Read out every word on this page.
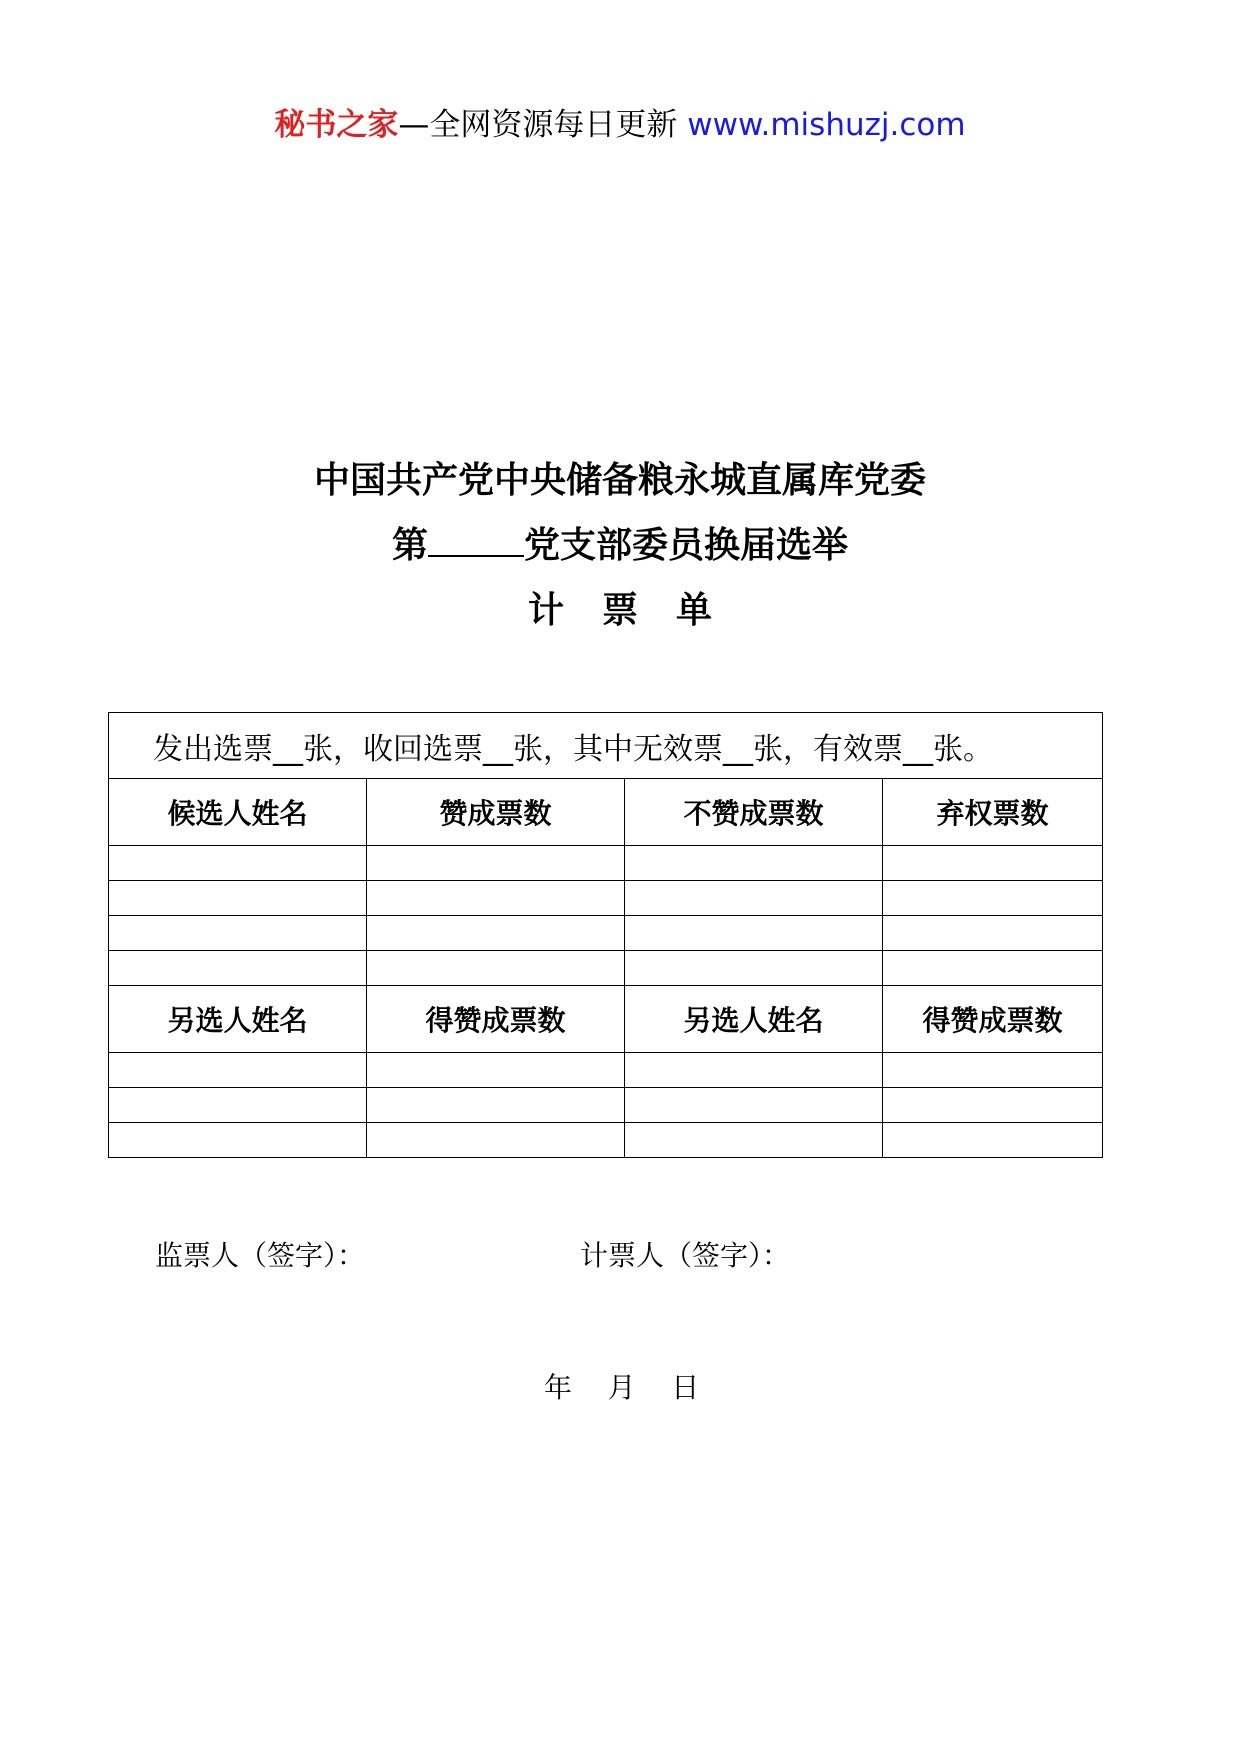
秘书之家—全网资源每日更新 www.mishuzj.com
中国共产党中央储备粮永城直属库党委
第	党支部委员换届选举
计票单
发出选票__张，收回选票__张，其中无效票__张，有效票__张。			
候选人姓名	赞成票数	不赞成票数	弃权票数

另选人姓名	得赞成票数	另选人姓名	得赞成票数

监票人（签字）：	计票人（签字）：
年 月 日
